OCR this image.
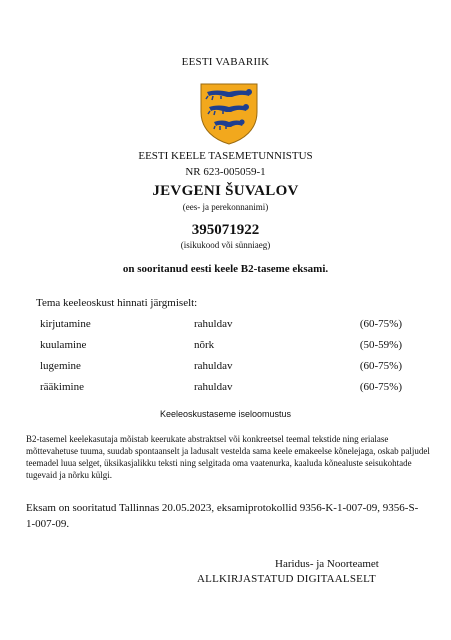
EESTI VABARIIK
EESTI KEELE TASEMETUNNISTUS
NR 623-005059-1
JEVGENI ŠUVALOV
(ees- ja perekonnanimi)
395071922
(isikukood või sünniaeg)
on sooritanud eesti keele B2-taseme eksami.
Tema keeleoskust hinnati järgmiselt:
kirjutamine	rahuldav	(60-75%)
kuulamine	nõrk	(50-59%)
lugemine	rahuldav	(60-75%)
rääkimine	rahuldav	(60-75%)
Keeleoskustaseme iseloomustus
B2-tasemel keelekasutaja mõistab keerukate abstraktsel või konkreetsel teemal tekstide ning erialase mõttevahetuse tuuma, suudab spontaanselt ja ladusalt vestelda sama keele emakeelse kõnelejaga, oskab paljudel teemadel luua selget, üksikasjalikku teksti ning selgitada oma vaatenurka, kaaluda kõnealuste seisukohtade tugevaid ja nõrku külgi.
Eksam on sooritatud Tallinnas 20.05.2023, eksamiprotokollid 9356-K-1-007-09, 9356-S-1-007-09.
Haridus- ja Noorteamet
ALLKIRJASTATUD DIGITAALSELT
